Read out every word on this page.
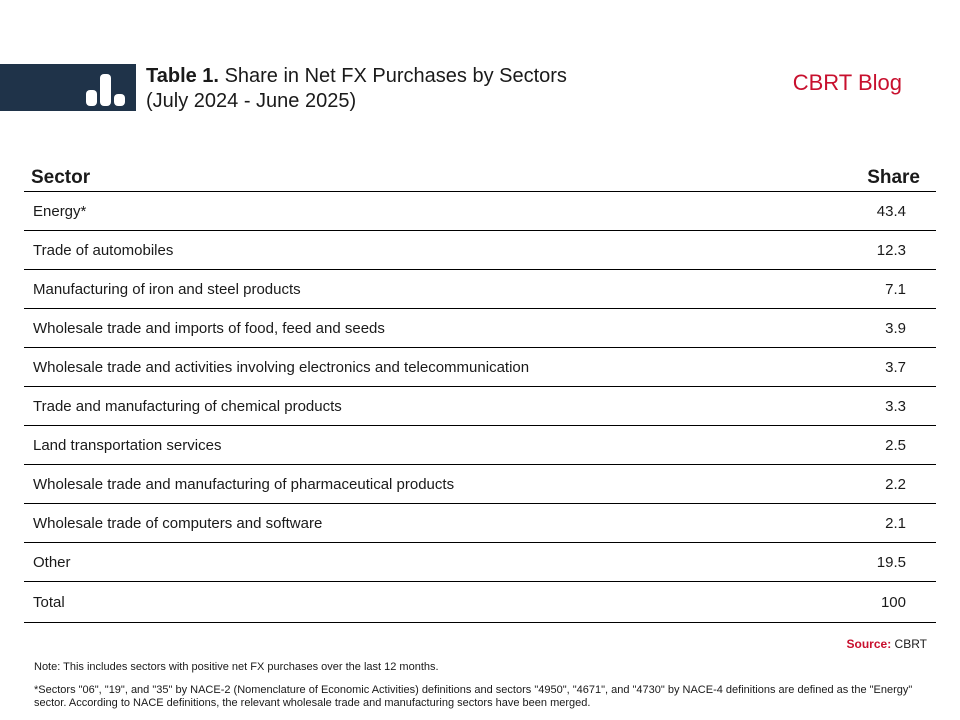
Table 1. Share in Net FX Purchases by Sectors
(July 2024 - June 2025)
CBRT Blog
Sector	Share
Energy*	43.4
Trade of automobiles	12.3
Manufacturing of iron and steel products	7.1
Wholesale trade and imports of food, feed and seeds	3.9
Wholesale trade and activities involving electronics and telecommunication	3.7
Trade and manufacturing of chemical products	3.3
Land transportation services	2.5
Wholesale trade and manufacturing of pharmaceutical products	2.2
Wholesale trade of computers and software	2.1
Other	19.5
Total	100
Source: CBRT
Note: This includes sectors with positive net FX purchases over the last 12 months.
*Sectors "06", "19", and "35" by NACE-2 (Nomenclature of Economic Activities) definitions and sectors "4950", "4671", and "4730" by NACE-4 definitions are defined as the "Energy" sector. According to NACE definitions, the relevant wholesale trade and manufacturing sectors have been merged.
